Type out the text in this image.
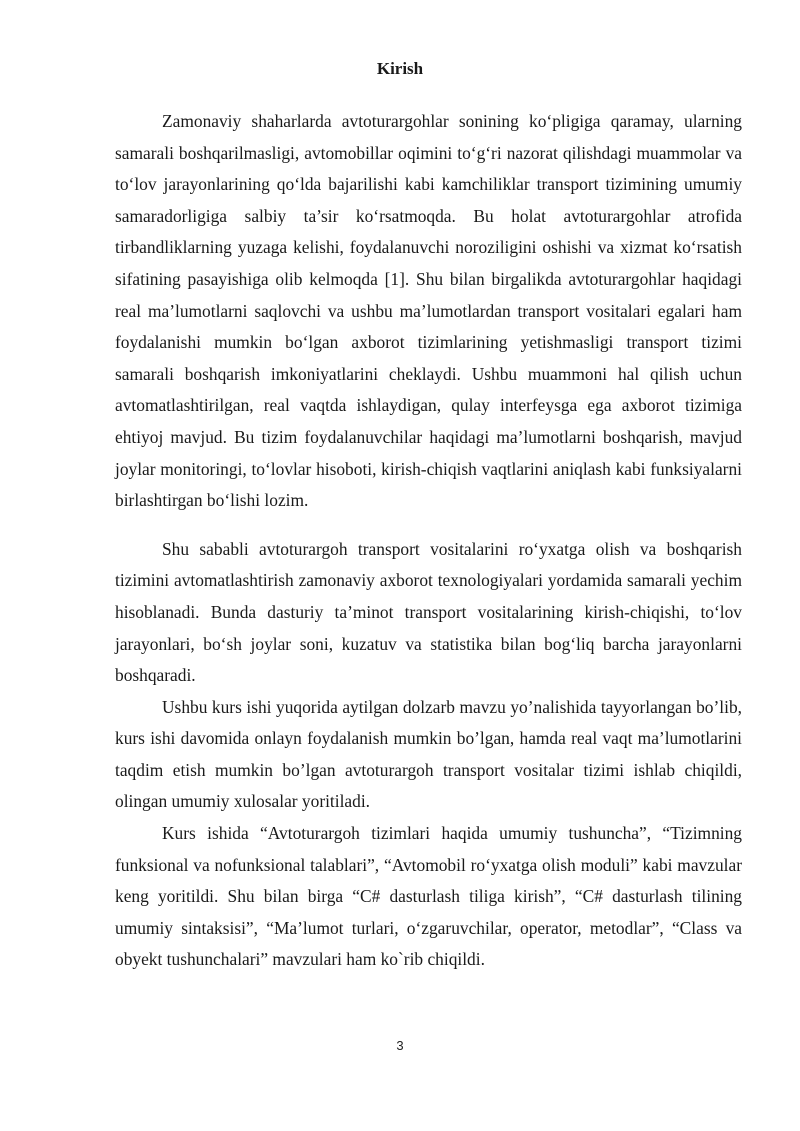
Kirish

Zamonaviy shaharlarda avtoturargohlar sonining ko‘pligiga qaramay, ularning samarali boshqarilmasligi, avtomobillar oqimini to‘g‘ri nazorat qilishdagi muammolar va to‘lov jarayonlarining qo‘lda bajarilishi kabi kamchiliklar transport tizimining umumiy samaradorligiga salbiy ta’sir ko‘rsatmoqda. Bu holat avtoturargohlar atrofida tirbandliklarning yuzaga kelishi, foydalanuvchi noroziligini oshishi va xizmat ko‘rsatish sifatining pasayishiga olib kelmoqda [1]. Shu bilan birgalikda avtoturargohlar haqidagi real ma’lumotlarni saqlovchi va ushbu ma’lumotlardan transport vositalari egalari ham foydalanishi mumkin bo‘lgan axborot tizimlarining yetishmasligi transport tizimi samarali boshqarish imkoniyatlarini cheklaydi. Ushbu muammoni hal qilish uchun avtomatlashtirilgan, real vaqtda ishlaydigan, qulay interfeysga ega axborot tizimiga ehtiyoj mavjud. Bu tizim foydalanuvchilar haqidagi ma’lumotlarni boshqarish, mavjud joylar monitoringi, to‘lovlar hisoboti, kirish-chiqish vaqtlarini aniqlash kabi funksiyalarni birlashtirgan bo‘lishi lozim.

Shu sababli avtoturargoh transport vositalarini ro‘yxatga olish va boshqarish tizimini avtomatlashtirish zamonaviy axborot texnologiyalari yordamida samarali yechim hisoblanadi. Bunda dasturiy ta’minot transport vositalarining kirish-chiqishi, to‘lov jarayonlari, bo‘sh joylar soni, kuzatuv va statistika bilan bog‘liq barcha jarayonlarni boshqaradi.

Ushbu kurs ishi yuqorida aytilgan dolzarb mavzu yo’nalishida tayyorlangan bo’lib, kurs ishi davomida onlayn foydalanish mumkin bo’lgan, hamda real vaqt ma’lumotlarini taqdim etish mumkin bo’lgan avtoturargoh transport vositalar tizimi ishlab chiqildi, olingan umumiy xulosalar yoritiladi.

Kurs ishida “Avtoturargoh tizimlari haqida umumiy tushuncha”, “Tizimning funksional va nofunksional talablari”, “Avtomobil ro‘yxatga olish moduli” kabi mavzular keng yoritildi. Shu bilan birga “C# dasturlash tiliga kirish”, “C# dasturlash tilining umumiy sintaksisi”, “Ma’lumot turlari, o‘zgaruvchilar, operator, metodlar”, “Class va obyekt tushunchalari” mavzulari ham ko`rib chiqildi.

3
